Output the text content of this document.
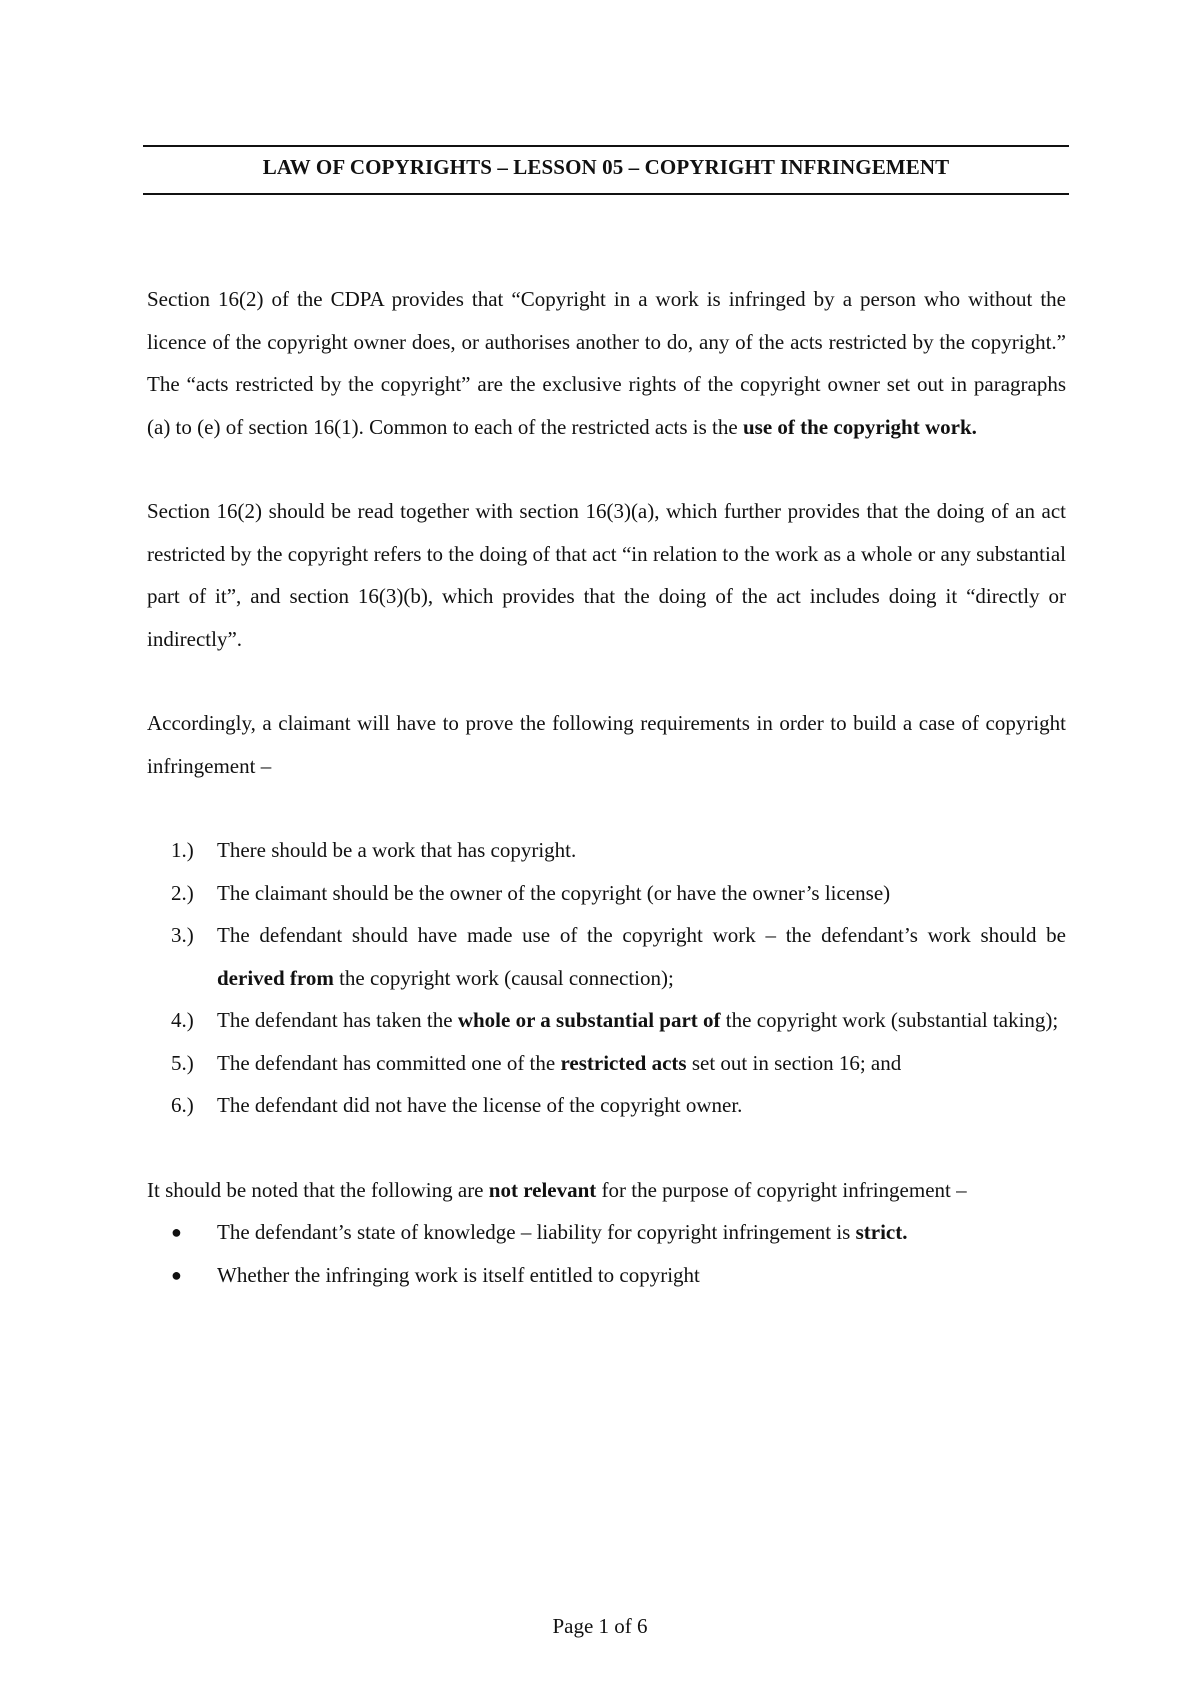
LAW OF COPYRIGHTS – LESSON 05 – COPYRIGHT INFRINGEMENT

Section 16(2) of the CDPA provides that “Copyright in a work is infringed by a person who without the licence of the copyright owner does, or authorises another to do, any of the acts restricted by the copyright.” The “acts restricted by the copyright” are the exclusive rights of the copyright owner set out in paragraphs (a) to (e) of section 16(1). Common to each of the restricted acts is the use of the copyright work.

Section 16(2) should be read together with section 16(3)(a), which further provides that the doing of an act restricted by the copyright refers to the doing of that act “in relation to the work as a whole or any substantial part of it”, and section 16(3)(b), which provides that the doing of the act includes doing it “directly or indirectly”.

Accordingly, a claimant will have to prove the following requirements in order to build a case of copyright infringement –

1.)	There should be a work that has copyright.
2.)	The claimant should be the owner of the copyright (or have the owner’s license)
3.)	The defendant should have made use of the copyright work – the defendant’s work should be derived from the copyright work (causal connection);
4.)	The defendant has taken the whole or a substantial part of the copyright work (substantial taking);
5.)	The defendant has committed one of the restricted acts set out in section 16; and
6.)	The defendant did not have the license of the copyright owner.

It should be noted that the following are not relevant for the purpose of copyright infringement –

●	The defendant’s state of knowledge – liability for copyright infringement is strict.
●	Whether the infringing work is itself entitled to copyright
Page 1 of 6
